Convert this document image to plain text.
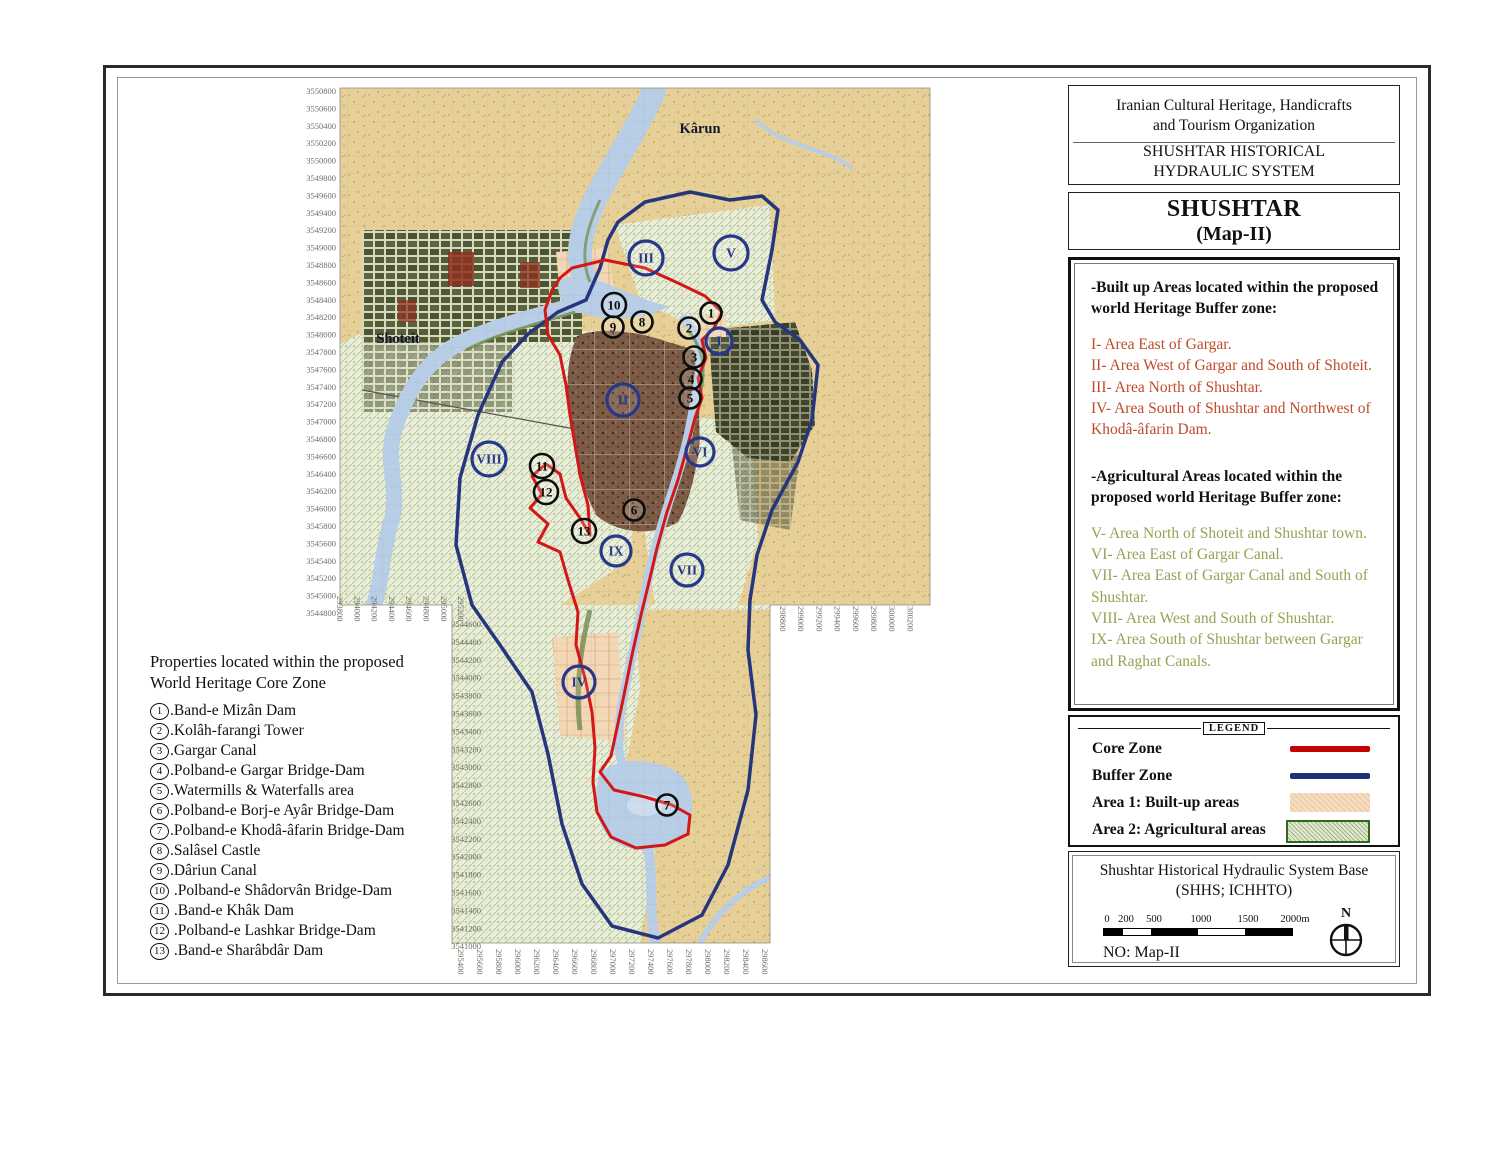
3550800
3550600
3550400
3550200
3550000
3549800
3549600
3549400
3549200
3549000
3548800
3548600
3548400
3548200
3548000
3547800
3547600
3547400
3547200
3547000
3546800
3546600
3546400
3546200
3546000
3545800
3545600
3545400
3545200
3545000
3544800
3544600
3544400
3544200
3544000
3543800
3543600
3543400
3543200
3543000
3542800
3542600
3542400
3542200
3542000
3541800
3541600
3541400
3541200
3541000
293800 294000 294200 294400 294600 294800 295000 295200
295400 295600 295800 296000 296200 296400 296600 296800 297000 297200 297400 297600 297800 298000 298200 298400 298600
298800 299000 299200 299400 299600 299800 300000 300200
Kârun
Shoteit	I
II
III
IV
V
VI
VII
VIII
IX
1
2
3
4
5
6
7
8
9
10
11
12
13
Iranian Cultural Heritage, Handicrafts
and Tourism Organization
SHUSHTAR HISTORICAL
HYDRAULIC SYSTEM
SHUSHTAR
(Map-II)
-Built up Areas located within the proposed world Heritage Buffer zone:
I- Area East of Gargar.
II- Area West of Gargar and South of Shoteit.
III- Area North of Shushtar.
IV- Area South of Shushtar and Northwest of Khodâ-âfarin Dam.
-Agricultural Areas located within the proposed world Heritage Buffer zone:
V- Area North of Shoteit and Shushtar town.
VI- Area East of Gargar Canal.
VII- Area East of Gargar Canal and South of Shushtar.
VIII- Area West and South of Shushtar.
IX- Area South of Shushtar between Gargar and Raghat Canals.
LEGEND
Core Zone
Buffer Zone
Area 1: Built-up areas
Area 2: Agricultural areas
Shushtar Historical Hydraulic System Base
(SHHS; ICHHTO)
0 200 500	1000 1500 2000m
NO: Map-II
N
Properties located within the proposed
World Heritage Core Zone
1 .Band-e Mizân Dam
2 .Kolâh-farangi Tower
3 .Gargar Canal
4 .Polband-e Gargar Bridge-Dam
5 .Watermills & Waterfalls area
6 .Polband-e Borj-e Ayâr Bridge-Dam
7 .Polband-e Khodâ-âfarin Bridge-Dam
8 .Salâsel Castle
9 .Dâriun Canal
10 .Polband-e Shâdorvân Bridge-Dam
11 .Band-e Khâk Dam
12 .Polband-e Lashkar Bridge-Dam
13 .Band-e Sharâbdâr Dam
